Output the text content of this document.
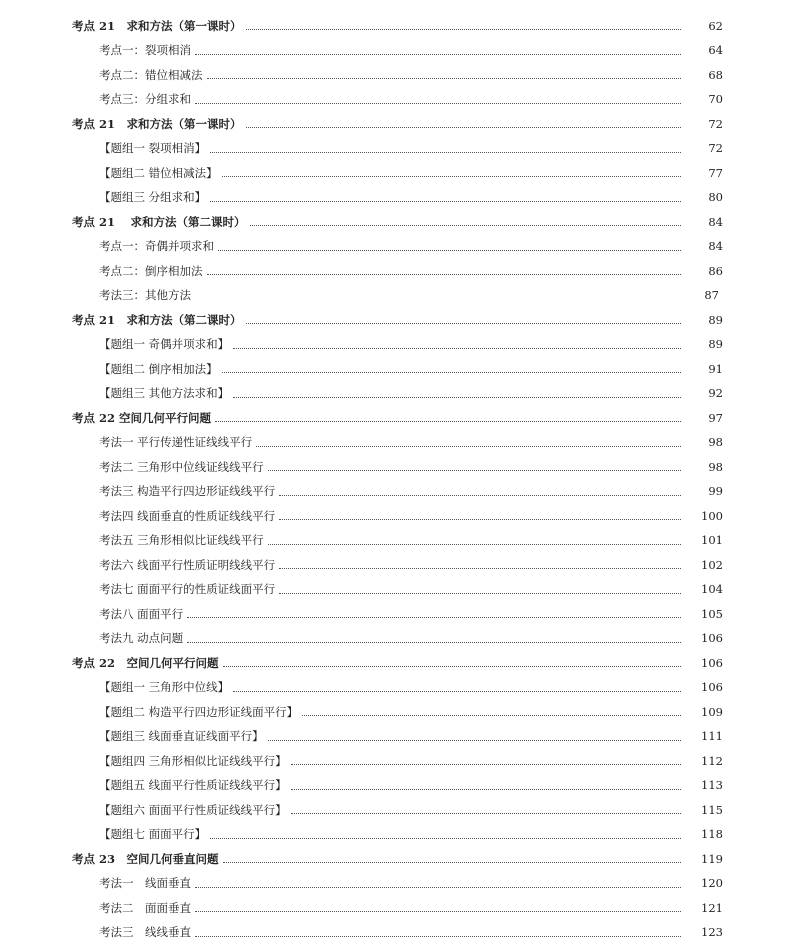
考点 21　求和方法（第一课时）	62
考点一：裂项相消	64
考点二：错位相减法	68
考点三：分组求和	70
考点 21　求和方法（第一课时）	72
【题组一 裂项相消】	72
【题组二 错位相减法】	77
【题组三 分组求和】	80
考点 21　 求和方法（第二课时）	84
考点一：奇偶并项求和	84
考点二：倒序相加法	86
考法三：其他方法	87
考点 21　求和方法（第二课时）	89
【题组一 奇偶并项求和】	89
【题组二 倒序相加法】	91
【题组三 其他方法求和】	92
考点 22 空间几何平行问题	97
考法一 平行传递性证线线平行	98
考法二 三角形中位线证线线平行	98
考法三 构造平行四边形证线线平行	99
考法四 线面垂直的性质证线线平行	100
考法五 三角形相似比证线线平行	101
考法六 线面平行性质证明线线平行	102
考法七 面面平行的性质证线面平行	104
考法八 面面平行	105
考法九 动点问题	106
考点 22　空间几何平行问题	106
【题组一 三角形中位线】	106
【题组二 构造平行四边形证线面平行】	109
【题组三 线面垂直证线面平行】	111
【题组四 三角形相似比证线线平行】	112
【题组五 线面平行性质证线线平行】	113
【题组六 面面平行性质证线线平行】	115
【题组七 面面平行】	118
考点 23　空间几何垂直问题	119
考法一　线面垂直	120
考法二　面面垂直	121
考法三　线线垂直	123
